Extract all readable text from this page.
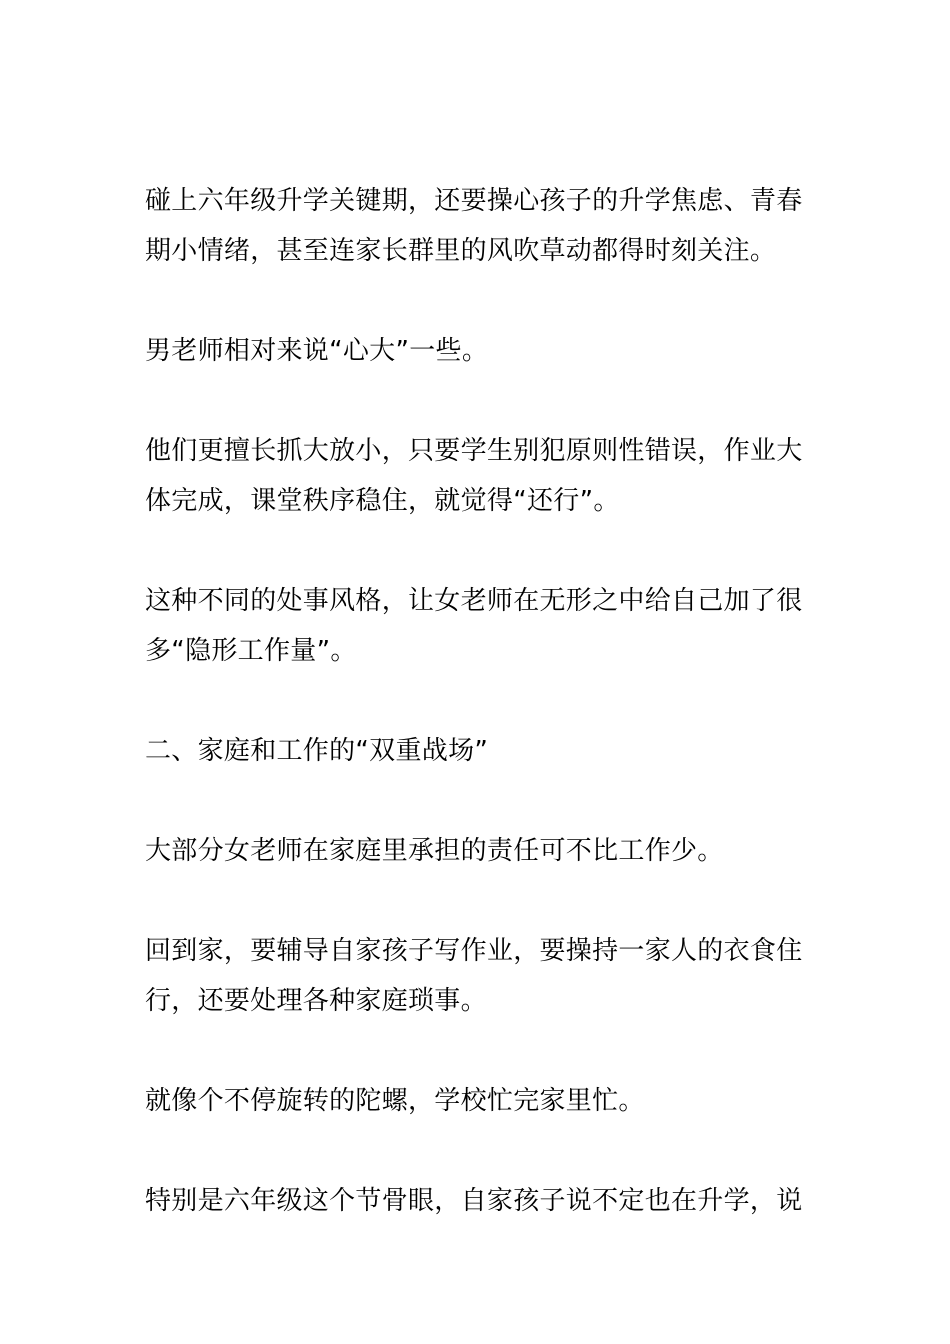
碰上六年级升学关键期，还要操心孩子的升学焦虑、青春
期小情绪，甚至连家长群里的风吹草动都得时刻关注。

男老师相对来说“心大”一些。

他们更擅长抓大放小，只要学生别犯原则性错误，作业大
体完成，课堂秩序稳住，就觉得“还行”。

这种不同的处事风格，让女老师在无形之中给自己加了很
多“隐形工作量”。

二、家庭和工作的“双重战场”

大部分女老师在家庭里承担的责任可不比工作少。

回到家，要辅导自家孩子写作业，要操持一家人的衣食住
行，还要处理各种家庭琐事。

就像个不停旋转的陀螺，学校忙完家里忙。

特别是六年级这个节骨眼，自家孩子说不定也在升学，说
